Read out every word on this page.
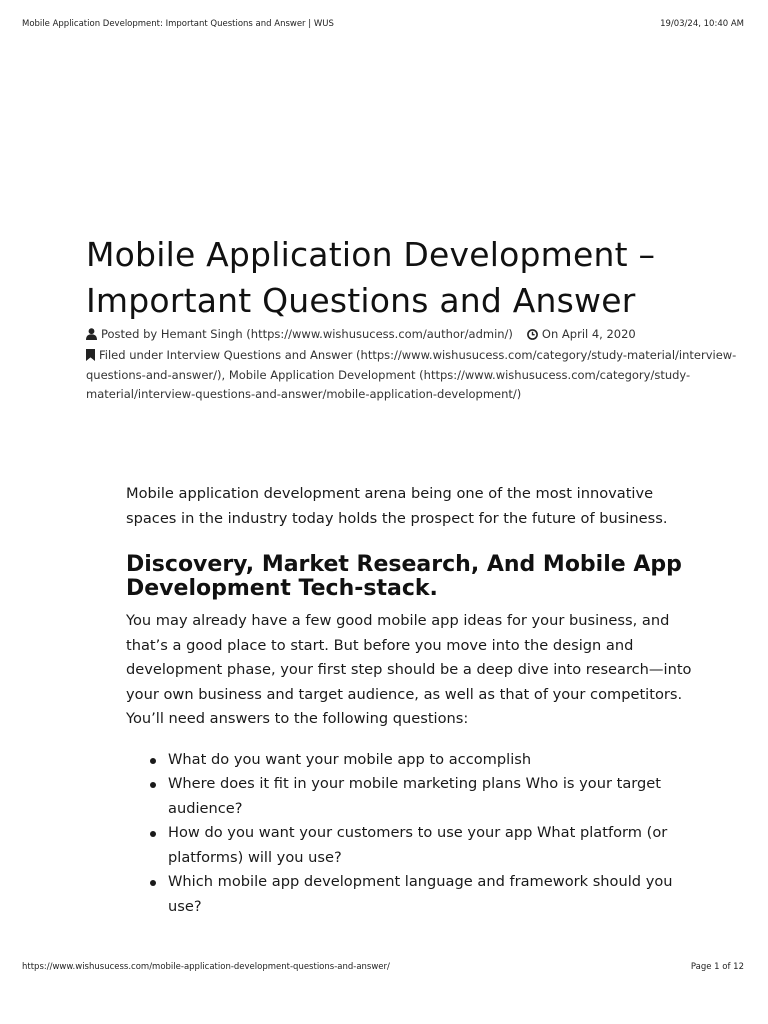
Mobile Application Development: Important Questions and Answer | WUS	19/03/24, 10:40 AM
Mobile Application Development – Important Questions and Answer
Posted by Hemant Singh (https://www.wishusucess.com/author/admin/)	On April 4, 2020
Filed under Interview Questions and Answer (https://www.wishusucess.com/category/study-material/interview-questions-and-answer/), Mobile Application Development (https://www.wishusucess.com/category/study-material/interview-questions-and-answer/mobile-application-development/)

Mobile application development arena being one of the most innovative spaces in the industry today holds the prospect for the future of business.

Discovery, Market Research, And Mobile App Development Tech-stack.

You may already have a few good mobile app ideas for your business, and that’s a good place to start. But before you move into the design and development phase, your first step should be a deep dive into research—into your own business and target audience, as well as that of your competitors. You’ll need answers to the following questions:

What do you want your mobile app to accomplish
Where does it fit in your mobile marketing plans Who is your target audience?
How do you want your customers to use your app What platform (or platforms) will you use?
Which mobile app development language and framework should you use?
https://www.wishusucess.com/mobile-application-development-questions-and-answer/	Page 1 of 12
